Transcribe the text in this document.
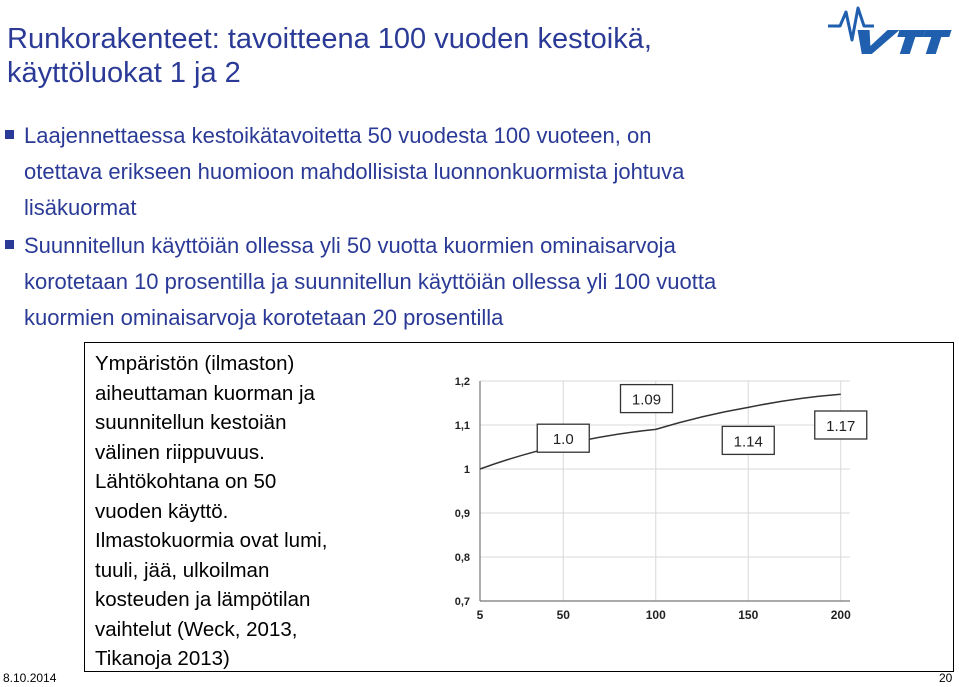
Runkorakenteet: tavoitteena 100 vuoden kestoikä,
käyttöluokat 1 ja 2
Laajennettaessa kestoikätavoitetta 50 vuodesta 100 vuoteen, on
otettava erikseen huomioon mahdollisista luonnonkuormista johtuva
lisäkuormat
Suunnitellun käyttöiän ollessa yli 50 vuotta kuormien ominaisarvoja
korotetaan 10 prosentilla ja suunnitellun käyttöiän ollessa yli 100 vuotta
kuormien ominaisarvoja korotetaan 20 prosentilla
Ympäristön (ilmaston)
aiheuttaman kuorman ja
suunnitellun kestoiän
välinen riippuvuus.
Lähtökohtana on 50
vuoden käyttö.
Ilmastokuormia ovat lumi,
tuuli, jää, ulkoilman
kosteuden ja lämpötilan
vaihtelut (Weck, 2013,
Tikanoja 2013)
0,7
0,8
0,9
1
1,1
1,2
5	50	100	150	200
1.0
1.09
1.14
1.17
8.10.2014	20
